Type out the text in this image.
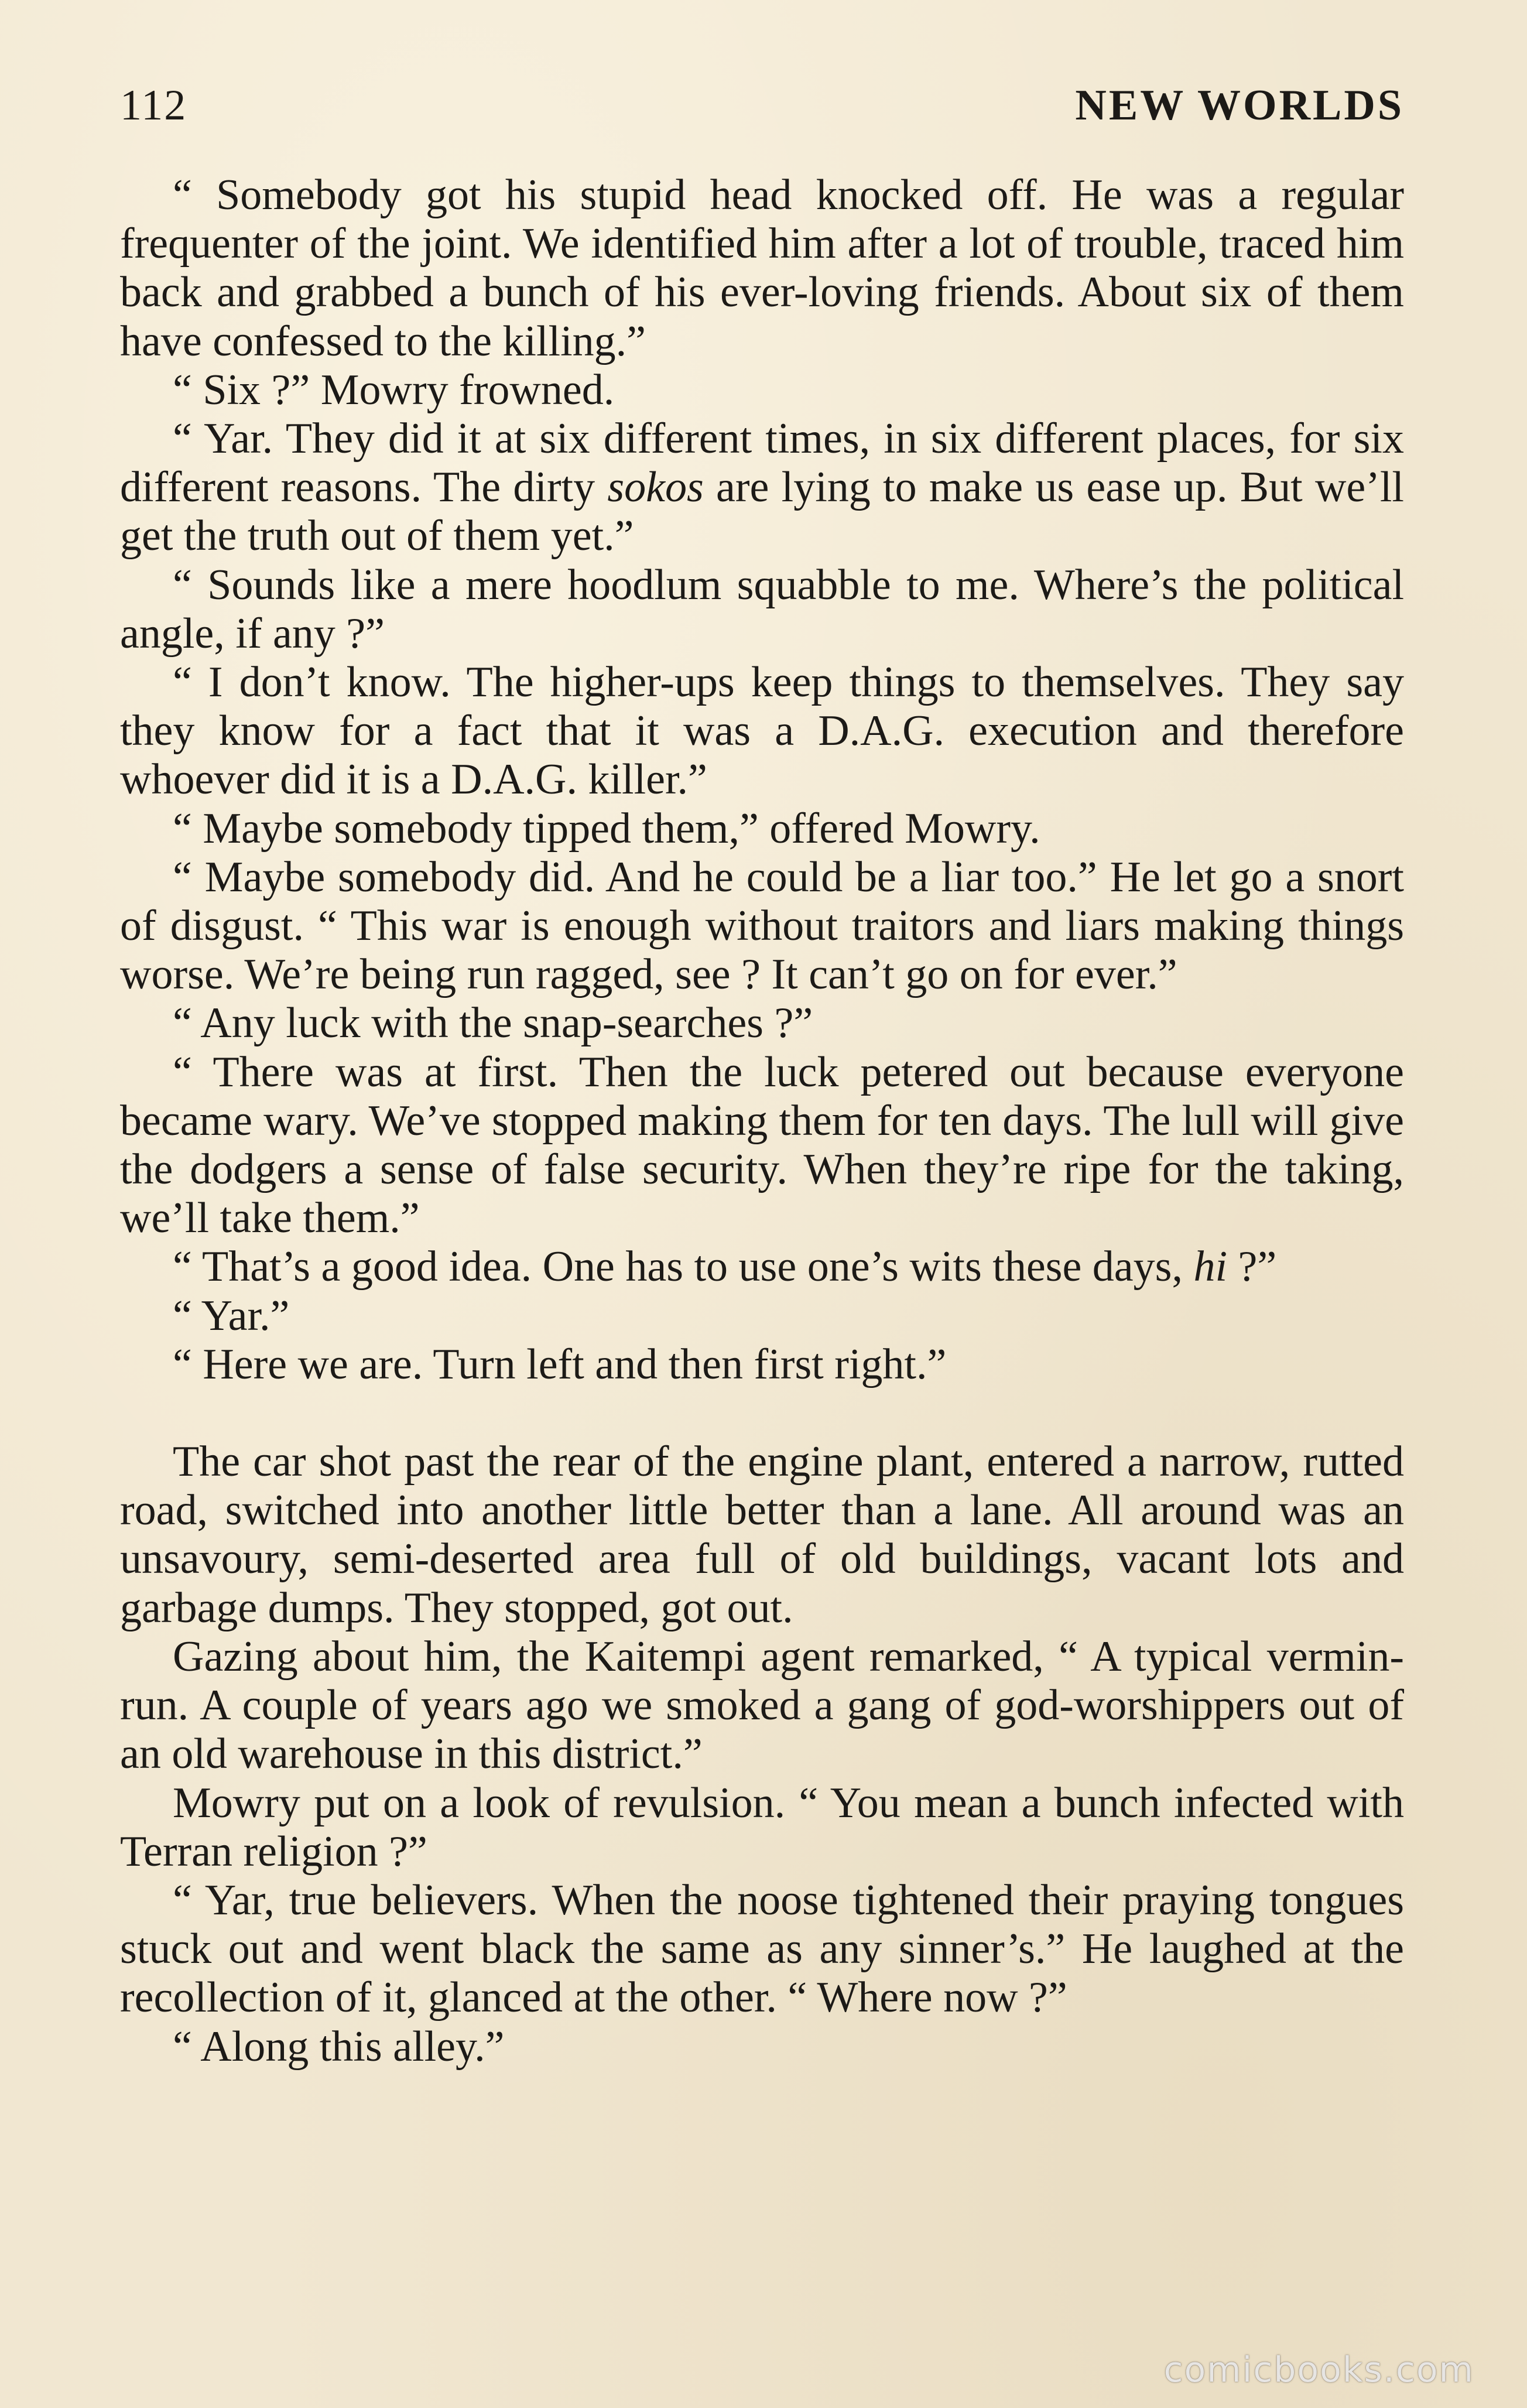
112	NEW WORLDS

“ Somebody got his stupid head knocked off. He was a regular frequenter of the joint. We identified him after a lot of trouble, traced him back and grabbed a bunch of his ever-loving friends. About six of them have confessed to the killing.”

“ Six ?” Mowry frowned.

“ Yar. They did it at six different times, in six different places, for six different reasons. The dirty sokos are lying to make us ease up. But we’ll get the truth out of them yet.”

“ Sounds like a mere hoodlum squabble to me. Where’s the political angle, if any ?”

“ I don’t know. The higher-ups keep things to themselves. They say they know for a fact that it was a D.A.G. execution and therefore whoever did it is a D.A.G. killer.”

“ Maybe somebody tipped them,” offered Mowry.

“ Maybe somebody did. And he could be a liar too.” He let go a snort of disgust. “ This war is enough without traitors and liars making things worse. We’re being run ragged, see ? It can’t go on for ever.”

“ Any luck with the snap-searches ?”

“ There was at first. Then the luck petered out because everyone became wary. We’ve stopped making them for ten days. The lull will give the dodgers a sense of false security. When they’re ripe for the taking, we’ll take them.”

“ That’s a good idea. One has to use one’s wits these days, hi ?”

“ Yar.”

“ Here we are. Turn left and then first right.”

The car shot past the rear of the engine plant, entered a narrow, rutted road, switched into another little better than a lane. All around was an unsavoury, semi-deserted area full of old buildings, vacant lots and garbage dumps. They stopped, got out.

Gazing about him, the Kaitempi agent remarked, “ A typical vermin-run. A couple of years ago we smoked a gang of god-worshippers out of an old warehouse in this district.”

Mowry put on a look of revulsion. “ You mean a bunch infected with Terran religion ?”

“ Yar, true believers. When the noose tightened their praying tongues stuck out and went black the same as any sinner’s.” He laughed at the recollection of it, glanced at the other. “ Where now ?”

“ Along this alley.”

comicbooks.com
